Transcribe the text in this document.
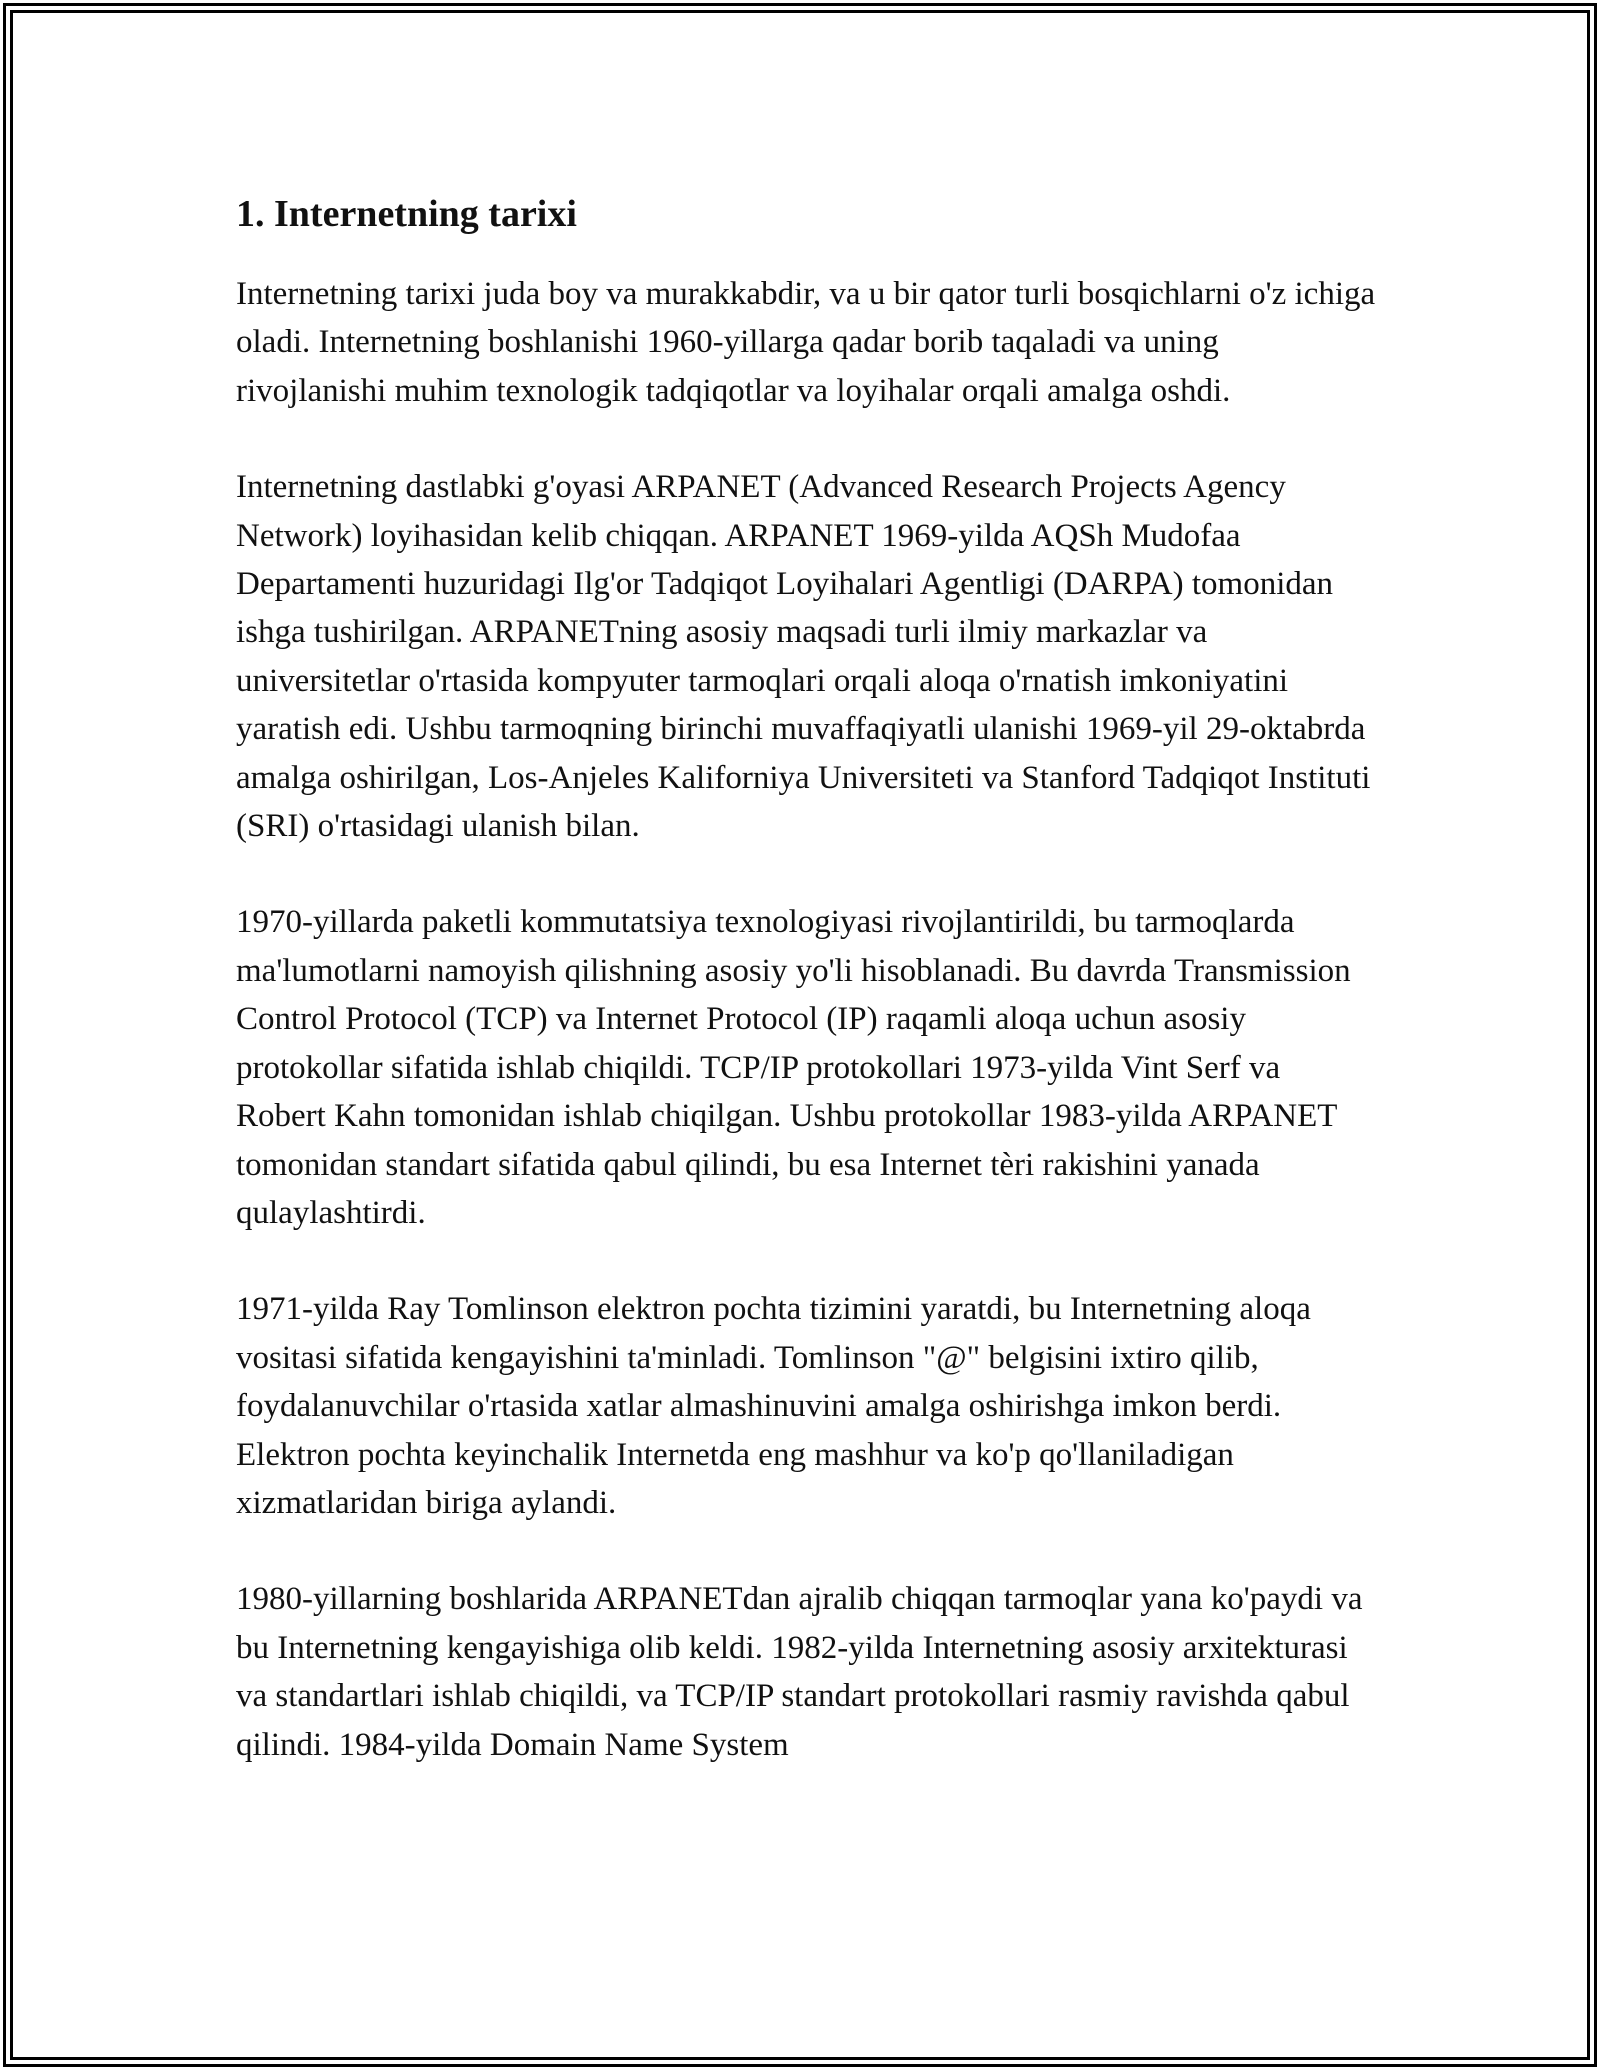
1. Internetning tarixi

Internetning tarixi juda boy va murakkabdir, va u bir qator turli bosqichlarni o'z ichiga oladi. Internetning boshlanishi 1960-yillarga qadar borib taqaladi va uning rivojlanishi muhim texnologik tadqiqotlar va loyihalar orqali amalga oshdi.

Internetning dastlabki g'oyasi ARPANET (Advanced Research Projects Agency Network) loyihasidan kelib chiqqan. ARPANET 1969-yilda AQSh Mudofaa Departamenti huzuridagi Ilg'or Tadqiqot Loyihalari Agentligi (DARPA) tomonidan ishga tushirilgan. ARPANETning asosiy maqsadi turli ilmiy markazlar va universitetlar o'rtasida kompyuter tarmoqlari orqali aloqa o'rnatish imkoniyatini yaratish edi. Ushbu tarmoqning birinchi muvaffaqiyatli ulanishi 1969-yil 29-oktabrda amalga oshirilgan, Los-Anjeles Kaliforniya Universiteti va Stanford Tadqiqot Instituti (SRI) o'rtasidagi ulanish bilan.

1970-yillarda paketli kommutatsiya texnologiyasi rivojlantirildi, bu tarmoqlarda ma'lumotlarni namoyish qilishning asosiy yo'li hisoblanadi. Bu davrda Transmission Control Protocol (TCP) va Internet Protocol (IP) raqamli aloqa uchun asosiy protokollar sifatida ishlab chiqildi. TCP/IP protokollari 1973-yilda Vint Serf va Robert Kahn tomonidan ishlab chiqilgan. Ushbu protokollar 1983-yilda ARPANET tomonidan standart sifatida qabul qilindi, bu esa Internet tèri rakishini yanada qulaylashtirdi.

1971-yilda Ray Tomlinson elektron pochta tizimini yaratdi, bu Internetning aloqa vositasi sifatida kengayishini ta'minladi. Tomlinson "@" belgisini ixtiro qilib, foydalanuvchilar o'rtasida xatlar almashinuvini amalga oshirishga imkon berdi. Elektron pochta keyinchalik Internetda eng mashhur va ko'p qo'llaniladigan xizmatlaridan biriga aylandi.

1980-yillarning boshlarida ARPANETdan ajralib chiqqan tarmoqlar yana ko'paydi va bu Internetning kengayishiga olib keldi. 1982-yilda Internetning asosiy arxitekturasi va standartlari ishlab chiqildi, va TCP/IP standart protokollari rasmiy ravishda qabul qilindi. 1984-yilda Domain Name System
